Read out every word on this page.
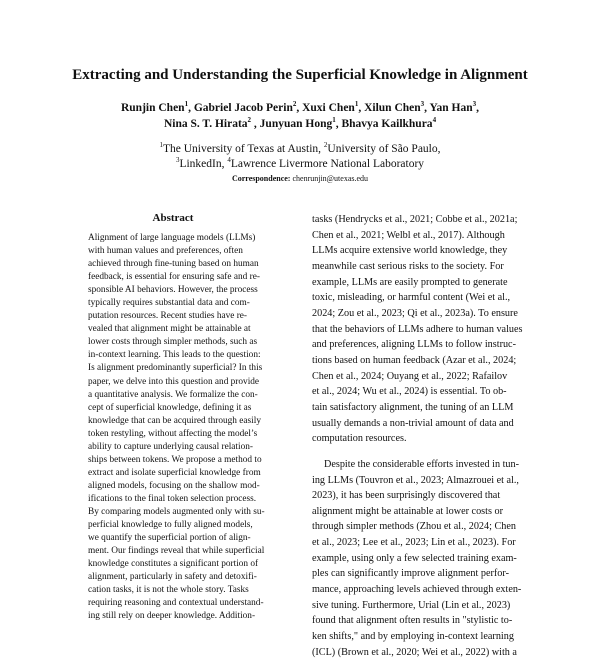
Extracting and Understanding the Superficial Knowledge in Alignment
Runjin Chen$^1$, Gabriel Jacob Perin$^2$, Xuxi Chen$^1$, Xilun Chen$^3$, Yan Han$^3$,
Nina S. T. Hirata$^2$ , Junyuan Hong$^1$, Bhavya Kailkhura$^4$
$^1$The University of Texas at Austin, $^2$University of São Paulo,
$^3$LinkedIn, $^4$Lawrence Livermore National Laboratory
Correspondence: chenrunjin@utexas.edu
Abstract
Alignment of large language models (LLMs)
with human values and preferences, often
achieved through fine-tuning based on human
feedback, is essential for ensuring safe and re-
sponsible AI behaviors. However, the process
typically requires substantial data and com-
putation resources. Recent studies have re-
vealed that alignment might be attainable at
lower costs through simpler methods, such as
in-context learning. This leads to the question:
Is alignment predominantly superficial? In this
paper, we delve into this question and provide
a quantitative analysis. We formalize the con-
cept of superficial knowledge, defining it as
knowledge that can be acquired through easily
token restyling, without affecting the model’s
ability to capture underlying causal relation-
ships between tokens. We propose a method to
extract and isolate superficial knowledge from
aligned models, focusing on the shallow mod-
ifications to the final token selection process.
By comparing models augmented only with su-
perficial knowledge to fully aligned models,
we quantify the superficial portion of align-
ment. Our findings reveal that while superficial
knowledge constitutes a significant portion of
alignment, particularly in safety and detoxifi-
cation tasks, it is not the whole story. Tasks
requiring reasoning and contextual understand-
ing still rely on deeper knowledge. Addition-
tasks (Hendrycks et al., 2021; Cobbe et al., 2021a;
Chen et al., 2021; Welbl et al., 2017). Although
LLMs acquire extensive world knowledge, they
meanwhile cast serious risks to the society. For
example, LLMs are easily prompted to generate
toxic, misleading, or harmful content (Wei et al.,
2024; Zou et al., 2023; Qi et al., 2023a). To ensure
that the behaviors of LLMs adhere to human values
and preferences, aligning LLMs to follow instruc-
tions based on human feedback (Azar et al., 2024;
Chen et al., 2024; Ouyang et al., 2022; Rafailov
et al., 2024; Wu et al., 2024) is essential. To ob-
tain satisfactory alignment, the tuning of an LLM
usually demands a non-trivial amount of data and
computation resources.
Despite the considerable efforts invested in tun-
ing LLMs (Touvron et al., 2023; Almazrouei et al.,
2023), it has been surprisingly discovered that
alignment might be attainable at lower costs or
through simpler methods (Zhou et al., 2024; Chen
et al., 2023; Lee et al., 2023; Lin et al., 2023). For
example, using only a few selected training exam-
ples can significantly improve alignment perfor-
mance, approaching levels achieved through exten-
sive tuning. Furthermore, Urial (Lin et al., 2023)
found that alignment often results in "stylistic to-
ken shifts," and by employing in-context learning
(ICL) (Brown et al., 2020; Wei et al., 2022) with a
